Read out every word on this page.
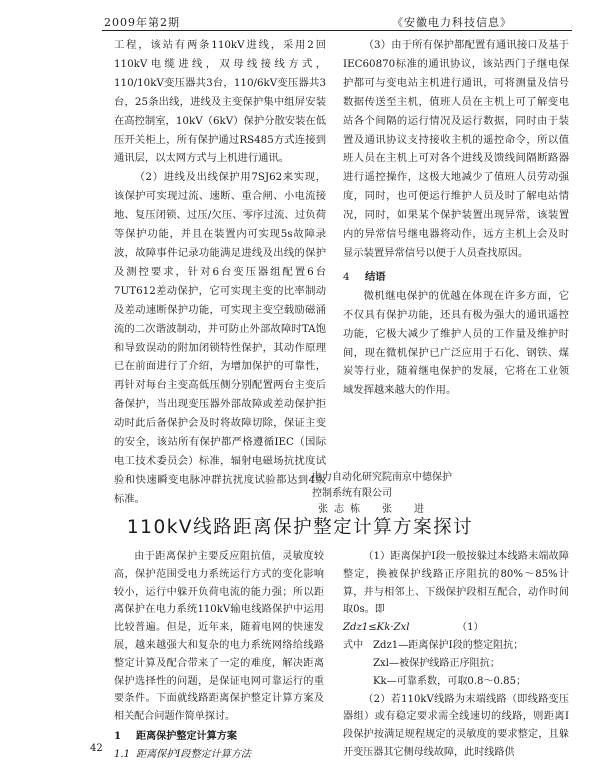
2009年第2期	《安徽电力科技信息》

工程，该站有两条110kV进线，采用2回110kV电缆进线，双母线接线方式，110/10kV变压器共3台，110/6kV变压器共3台，25条出线，进线及主变保护集中组屏安装在高控制室，10kV（6kV）保护分散安装在低压开关柜上，所有保护通过RS485方式连接到通讯层，以太网方式与上机进行通讯。

（2）进线及出线保护用7SJ62来实现，该保护可实现过流、速断、重合闸、小电流接地、复压闭锁、过压/欠压、零序过流、过负荷等保护功能，并且在装置内可实现5s故障录波，故障事件记录功能满足进线及出线的保护及测控要求，针对6台变压器组配置6台7UT612差动保护，它可实现主变的比率制动及差动速断保护功能，可实现主变空载励磁涌流的二次谐波制动，并可防止外部故障时TA饱和导致误动的附加闭锁特性保护，其动作原理已在前面进行了介绍，为增加保护的可靠性，再针对每台主变高低压侧分别配置两台主变后备保护，当出现变压器外部故障或差动保护拒动时此后备保护会及时将故障切除，保证主变的安全，该站所有保护都严格遵循IEC（国际电工技术委员会）标准，辐射电磁场抗扰度试验和快速瞬变电脉冲群抗扰度试验都达到4级标准。

（3）由于所有保护都配置有通讯接口及基于IEC60870标准的通讯协议，该站西门子继电保护都可与变电站主机进行通讯，可将测量及信号数据传送至主机，值班人员在主机上可了解变电站各个间隔的运行情况及运行数据，同时由于装置及通讯协议支持接收主机的遥控命令，所以值班人员在主机上可对各个进线及馈线间隔断路器进行遥控操作，这极大地减少了值班人员劳动强度，同时，也可便运行维护人员及时了解电站情况，同时，如果某个保护装置出现异常，该装置内的异常信号继电器将动作，远方主机上会及时显示装置异常信号以便于人员查找原因。

4 结语

微机继电保护的优越在体现在许多方面，它不仅具有保护功能，还具有极为强大的通讯遥控功能，它极大减少了维护人员的工作量及维护时间，现在微机保护已广泛应用于石化、钢铁、煤炭等行业，随着继电保护的发展，它将在工业领域发挥越来越大的作用。

电力自动化研究院南京中德保护控制系统有限公司 张志栋　张　进
110kV线路距离保护整定计算方案探讨

由于距离保护主要反应阻抗值，灵敏度较高，保护范围受电力系统运行方式的变化影响较小，运行中躲开负荷电流的能力强；所以距离保护在电力系统110kV输电线路保护中运用比较普遍。但是，近年来，随着电网的快速发展，越来越强大和复杂的电力系统网络给线路整定计算及配合带来了一定的难度，解决距离保护选择性的问题，是保证电网可靠运行的重要条件。下面就线路距离保护整定计算方案及相关配合问题作简单探讨。

1 距离保护整定计算方案

1.1 距离保护Ⅰ段整定计算方法

（1）距离保护Ⅰ段一般按躲过本线路末端故障整定，换被保护线路正序阻抗的80%～85%计算，并与相邻上、下级保护段相互配合，动作时间取0s。即

Zdz1≤Kk·Zxl	（1）

式中 Zdz1—距离保护Ⅰ段的整定阻抗；

Zxl—被保护线路正序阻抗；

Kk—可靠系数，可取0.8～0.85；

（2）若110kV线路为末端线路（即线路变压器组）或有稳定要求需全线速切的线路，则距离Ⅰ段保护按满足规程规定的灵敏度的要求整定，且躲开变压器其它侧母线故障，此时线路供

42
